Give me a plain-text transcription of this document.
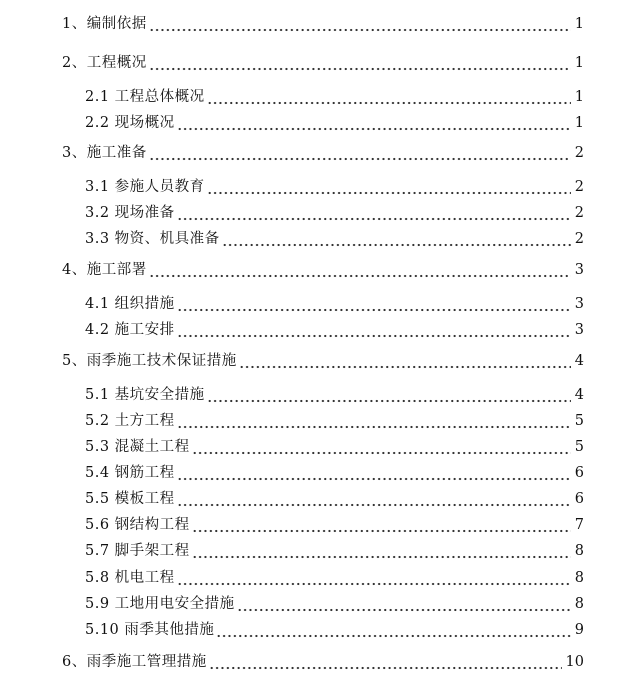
1、编制依据	1
2、工程概况	1
2.1 工程总体概况	1
2.2 现场概况	1
3、施工准备	2
3.1 参施人员教育	2
3.2 现场准备	2
3.3 物资、机具准备	2
4、施工部署	3
4.1 组织措施	3
4.2 施工安排	3
5、雨季施工技术保证措施	4
5.1 基坑安全措施	4
5.2 土方工程	5
5.3 混凝土工程	5
5.4 钢筋工程	6
5.5 模板工程	6
5.6 钢结构工程	7
5.7 脚手架工程	8
5.8 机电工程	8
5.9 工地用电安全措施	8
5.10 雨季其他措施	9
6、雨季施工管理措施	10
